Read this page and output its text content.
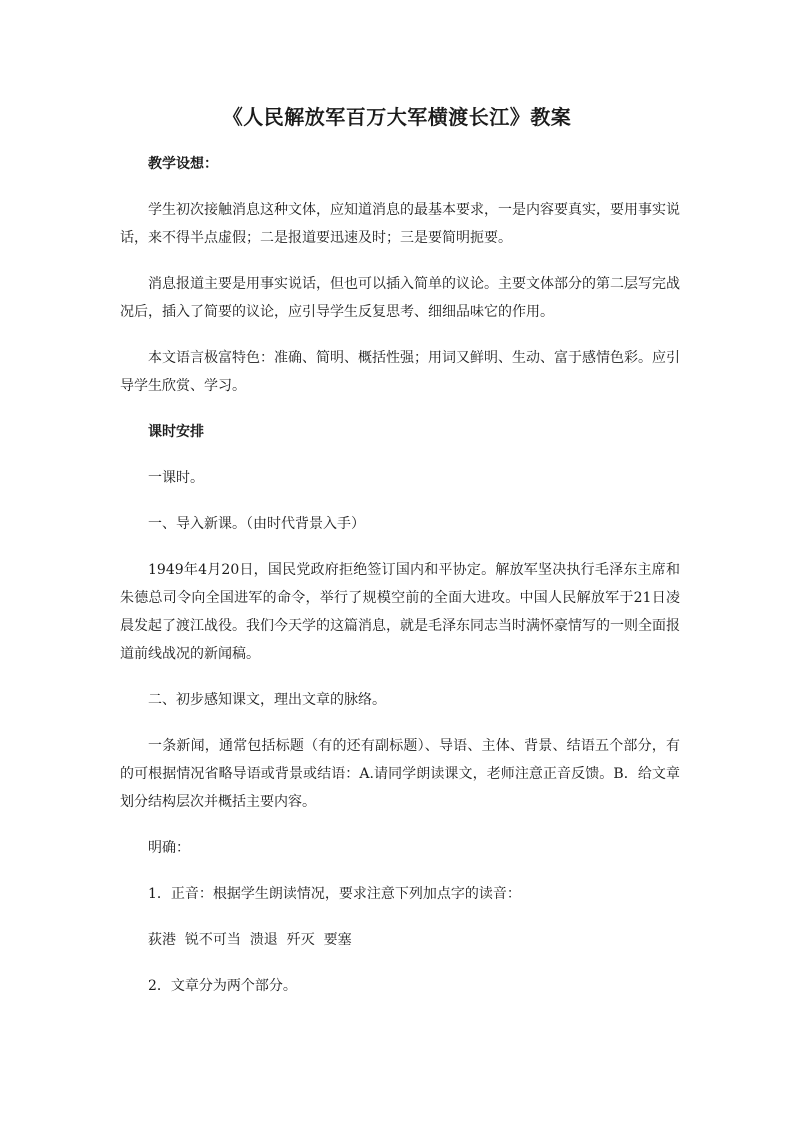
《人民解放军百万大军横渡长江》教案

教学设想：

学生初次接触消息这种文体，应知道消息的最基本要求，一是内容要真实，要用事实说话，来不得半点虚假；二是报道要迅速及时；三是要简明扼要。

消息报道主要是用事实说话，但也可以插入简单的议论。主要文体部分的第二层写完战况后，插入了简要的议论，应引导学生反复思考、细细品味它的作用。

本文语言极富特色：准确、简明、概括性强；用词又鲜明、生动、富于感情色彩。应引导学生欣赏、学习。

课时安排

一课时。

一、导入新课。（由时代背景入手）

1949年4月20日，国民党政府拒绝签订国内和平协定。解放军坚决执行毛泽东主席和朱德总司令向全国进军的命令，举行了规模空前的全面大进攻。中国人民解放军于21日凌晨发起了渡江战役。我们今天学的这篇消息，就是毛泽东同志当时满怀豪情写的一则全面报道前线战况的新闻稿。

二、初步感知课文，理出文章的脉络。

一条新闻，通常包括标题（有的还有副标题）、导语、主体、背景、结语五个部分，有的可根据情况省略导语或背景或结语：A.请同学朗读课文，老师注意正音反馈。B．给文章划分结构层次并概括主要内容。

明确：

1．正音：根据学生朗读情况，要求注意下列加点字的读音：

荻港  锐不可当  溃退  歼灭  要塞

2．文章分为两个部分。
